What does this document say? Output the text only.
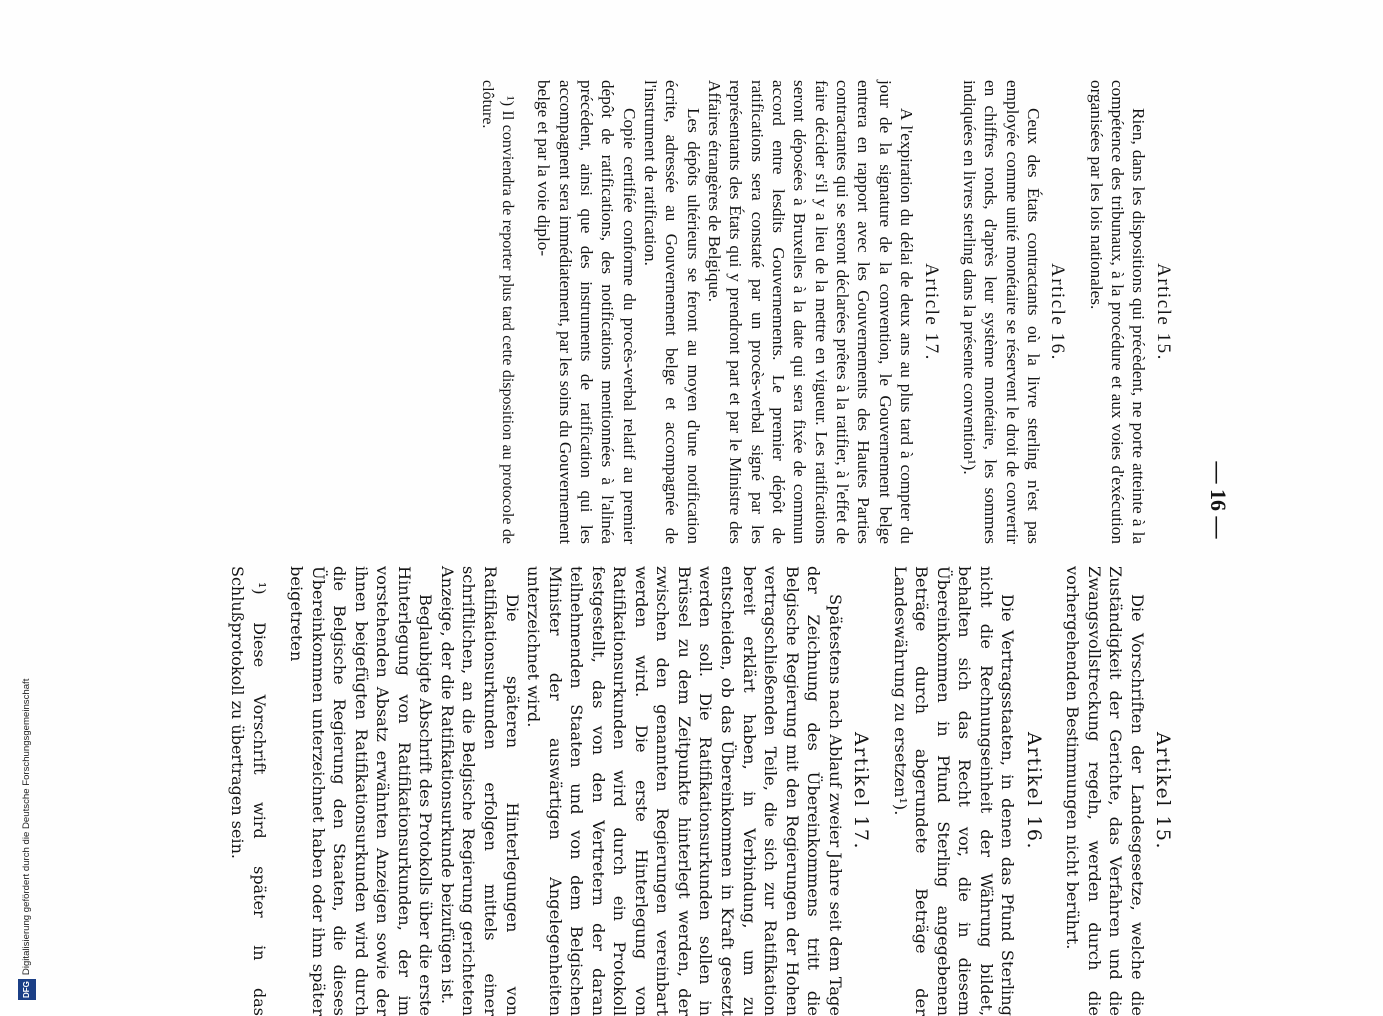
— 16 —
Article 15.

Rien, dans les dispositions qui précèdent, ne porte atteinte à la compétence des tribunaux, à la procédure et aux voies d'exécution organisées par les lois nationales.

Article 16.

Ceux des États contractants où la livre sterling n'est pas employée comme unité monétaire se réservent le droit de convertir en chiffres ronds, d'après leur système monétaire, les sommes indiquées en livres sterling dans la présente convention¹).

Article 17.

A l'expiration du délai de deux ans au plus tard à compter du jour de la signature de la convention, le Gouvernement belge entrera en rapport avec les Gouvernements des Hautes Parties contractantes qui se seront déclarées prêtes à la ratifier, à l'effet de faire décider s'il y a lieu de la mettre en vigueur. Les ratifications seront déposées à Bruxelles à la date qui sera fixée de commun accord entre lesdits Gouvernements. Le premier dépôt de ratifications sera constaté par un procès-verbal signé par les représentants des États qui y prendront part et par le Ministre des Affaires étrangères de Belgique.

Les dépôts ultérieurs se feront au moyen d'une notification écrite, adressée au Gouvernement belge et accompagnée de l'instrument de ratification.

Copie certifiée conforme du procès-verbal relatif au premier dépôt de ratifications, des notifications mentionnées à l'alinéa précédent, ainsi que des instruments de ratification qui les accompagnent sera immédiatement, par les soins du Gouvernement belge et par la voie diplo-

¹) Il conviendra de reporter plus tard cette disposition au protocole de clôture.

Artikel 15.

Die Vorschriften der Landesgesetze, welche die Zuständigkeit der Gerichte, das Verfahren und die Zwangsvollstreckung regeln, werden durch die vorhergehenden Bestimmungen nicht berührt.

Artikel 16.

Die Vertragsstaaten, in denen das Pfund Sterling nicht die Rechnungseinheit der Währung bildet, behalten sich das Recht vor, die in diesem Übereinkommen in Pfund Sterling angegebenen Beträge durch abgerundete Beträge der Landeswährung zu ersetzen¹).

Artikel 17.

Spätestens nach Ablauf zweier Jahre seit dem Tage der Zeichnung des Übereinkommens tritt die Belgische Regierung mit den Regierungen der Hohen vertragschließenden Teile, die sich zur Ratifikation bereit erklärt haben, in Verbindung, um zu entscheiden, ob das Übereinkommen in Kraft gesetzt werden soll. Die Ratifikationsurkunden sollen in Brüssel zu dem Zeitpunkte hinterlegt werden, der zwischen den genannten Regierungen vereinbart werden wird. Die erste Hinterlegung von Ratifikationsurkunden wird durch ein Protokoll festgestellt, das von den Vertretern der daran teilnehmenden Staaten und von dem Belgischen Minister der auswärtigen Angelegenheiten unterzeichnet wird.

Die späteren Hinterlegungen von Ratifikationsurkunden erfolgen mittels einer schriftlichen, an die Belgische Regierung gerichteten Anzeige, der die Ratifikationsurkunde beizufügen ist.

Beglaubigte Abschrift des Protokolls über die erste Hinterlegung von Ratifikationsurkunden, der im vorstehenden Absatz erwähnten Anzeigen sowie der ihnen beigefügten Ratifikationsurkunden wird durch die Belgische Regierung den Staaten, die dieses Übereinkommen unterzeichnet haben oder ihm später beigetreten

¹) Diese Vorschrift wird später in das Schlußprotokoll zu übertragen sein.

DFGDigitalisierung gefördert durch die Deutsche Forschungsgemeinschaft
